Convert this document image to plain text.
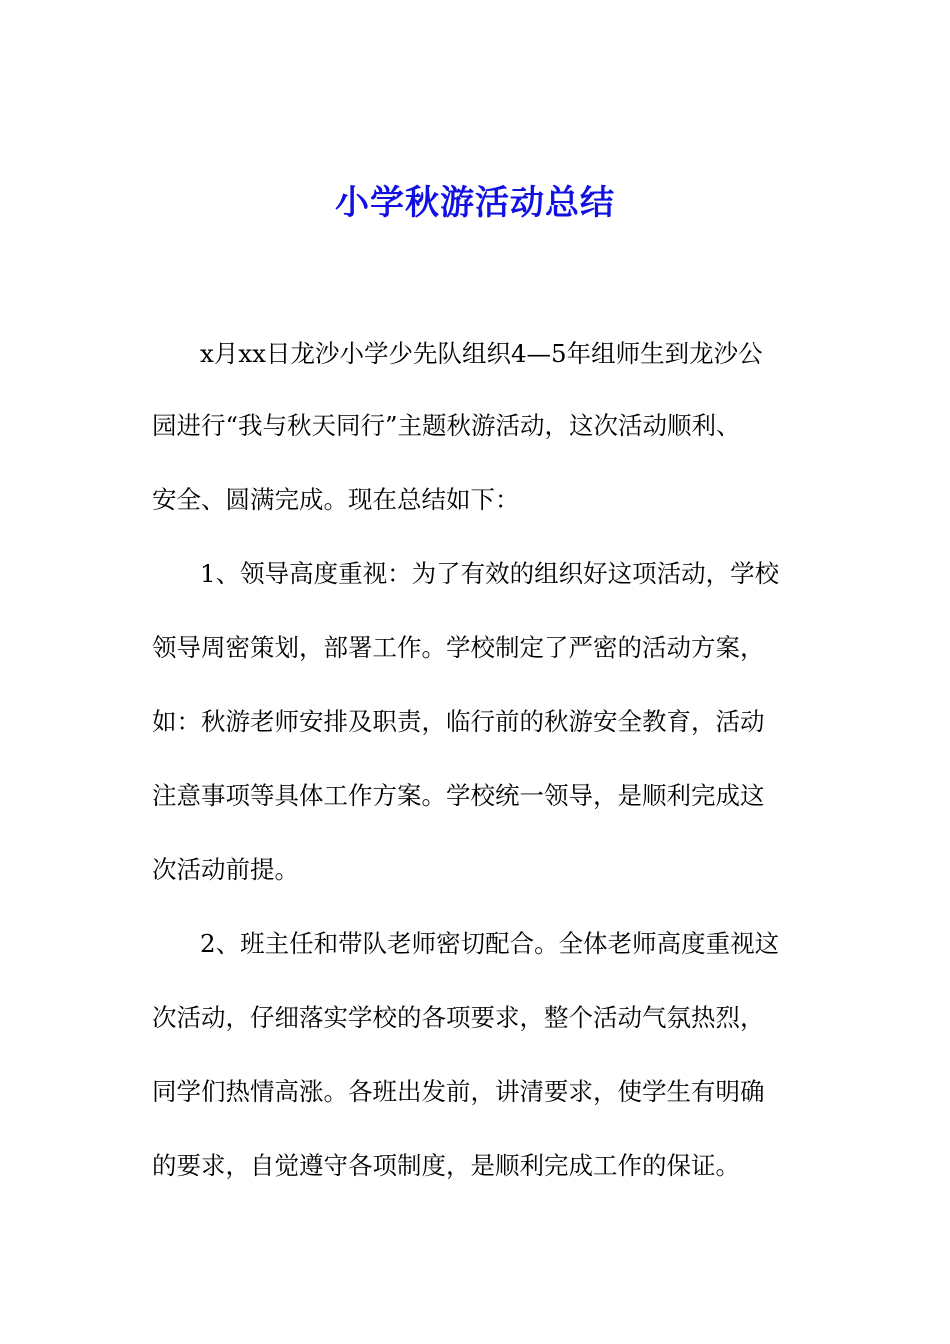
小学秋游活动总结
x月xx日龙沙小学少先队组织4—5年组师生到龙沙公
园进行“我与秋天同行”主题秋游活动，这次活动顺利、
安全、圆满完成。现在总结如下：
1、领导高度重视：为了有效的组织好这项活动，学校
领导周密策划，部署工作。学校制定了严密的活动方案，
如：秋游老师安排及职责，临行前的秋游安全教育，活动
注意事项等具体工作方案。学校统一领导，是顺利完成这
次活动前提。
2、班主任和带队老师密切配合。全体老师高度重视这
次活动，仔细落实学校的各项要求，整个活动气氛热烈，
同学们热情高涨。各班出发前，讲清要求，使学生有明确
的要求，自觉遵守各项制度，是顺利完成工作的保证。
